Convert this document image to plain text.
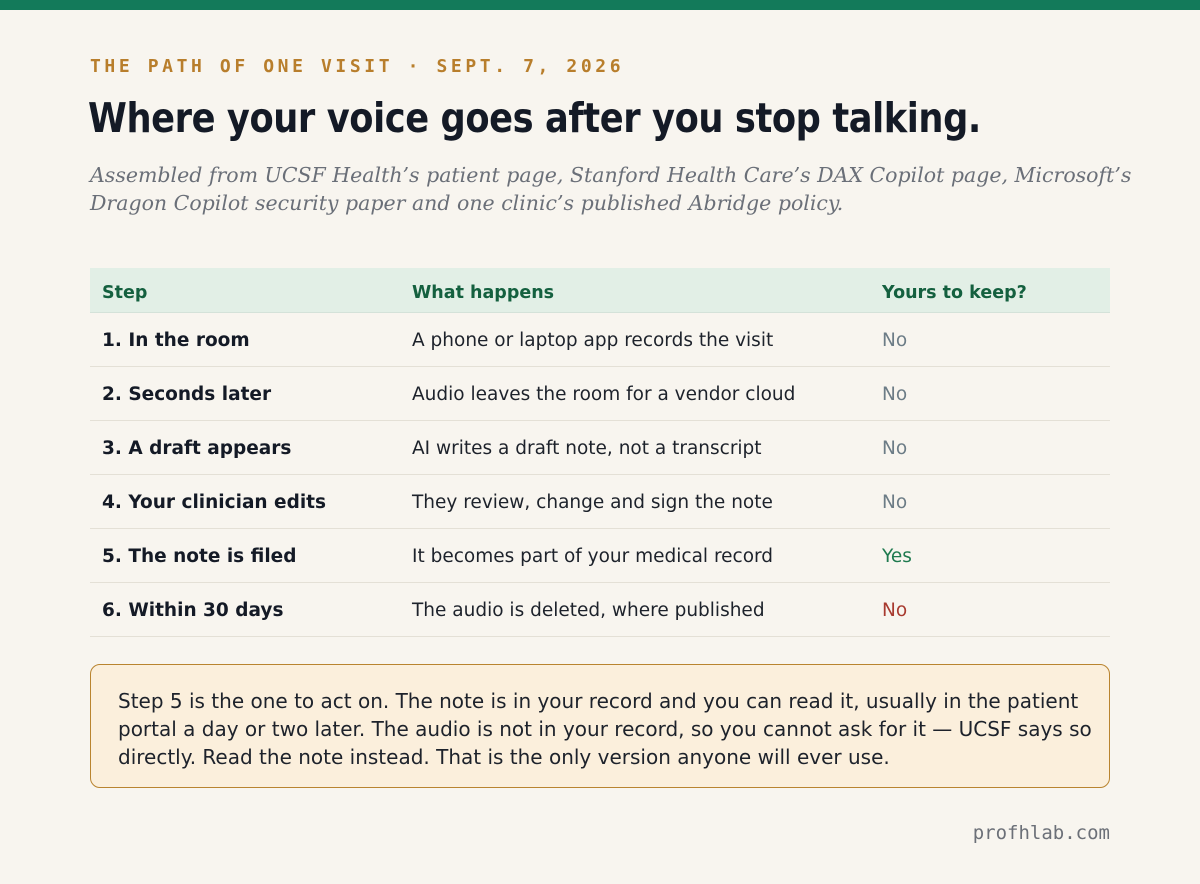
THE PATH OF ONE VISIT · SEPT. 7, 2026
Where your voice goes after you stop talking.
Assembled from UCSF Health’s patient page, Stanford Health Care’s DAX Copilot page, Microsoft’s
Dragon Copilot security paper and one clinic’s published Abridge policy.
Step	What happens	Yours to keep?
1. In the room	A phone or laptop app records the visit	No
2. Seconds later	Audio leaves the room for a vendor cloud	No
3. A draft appears	AI writes a draft note, not a transcript	No
4. Your clinician edits	They review, change and sign the note	No
5. The note is filed	It becomes part of your medical record	Yes
6. Within 30 days	The audio is deleted, where published	No
Step 5 is the one to act on. The note is in your record and you can read it, usually in the patient
portal a day or two later. The audio is not in your record, so you cannot ask for it — UCSF says so
directly. Read the note instead. That is the only version anyone will ever use.
profhlab.com
